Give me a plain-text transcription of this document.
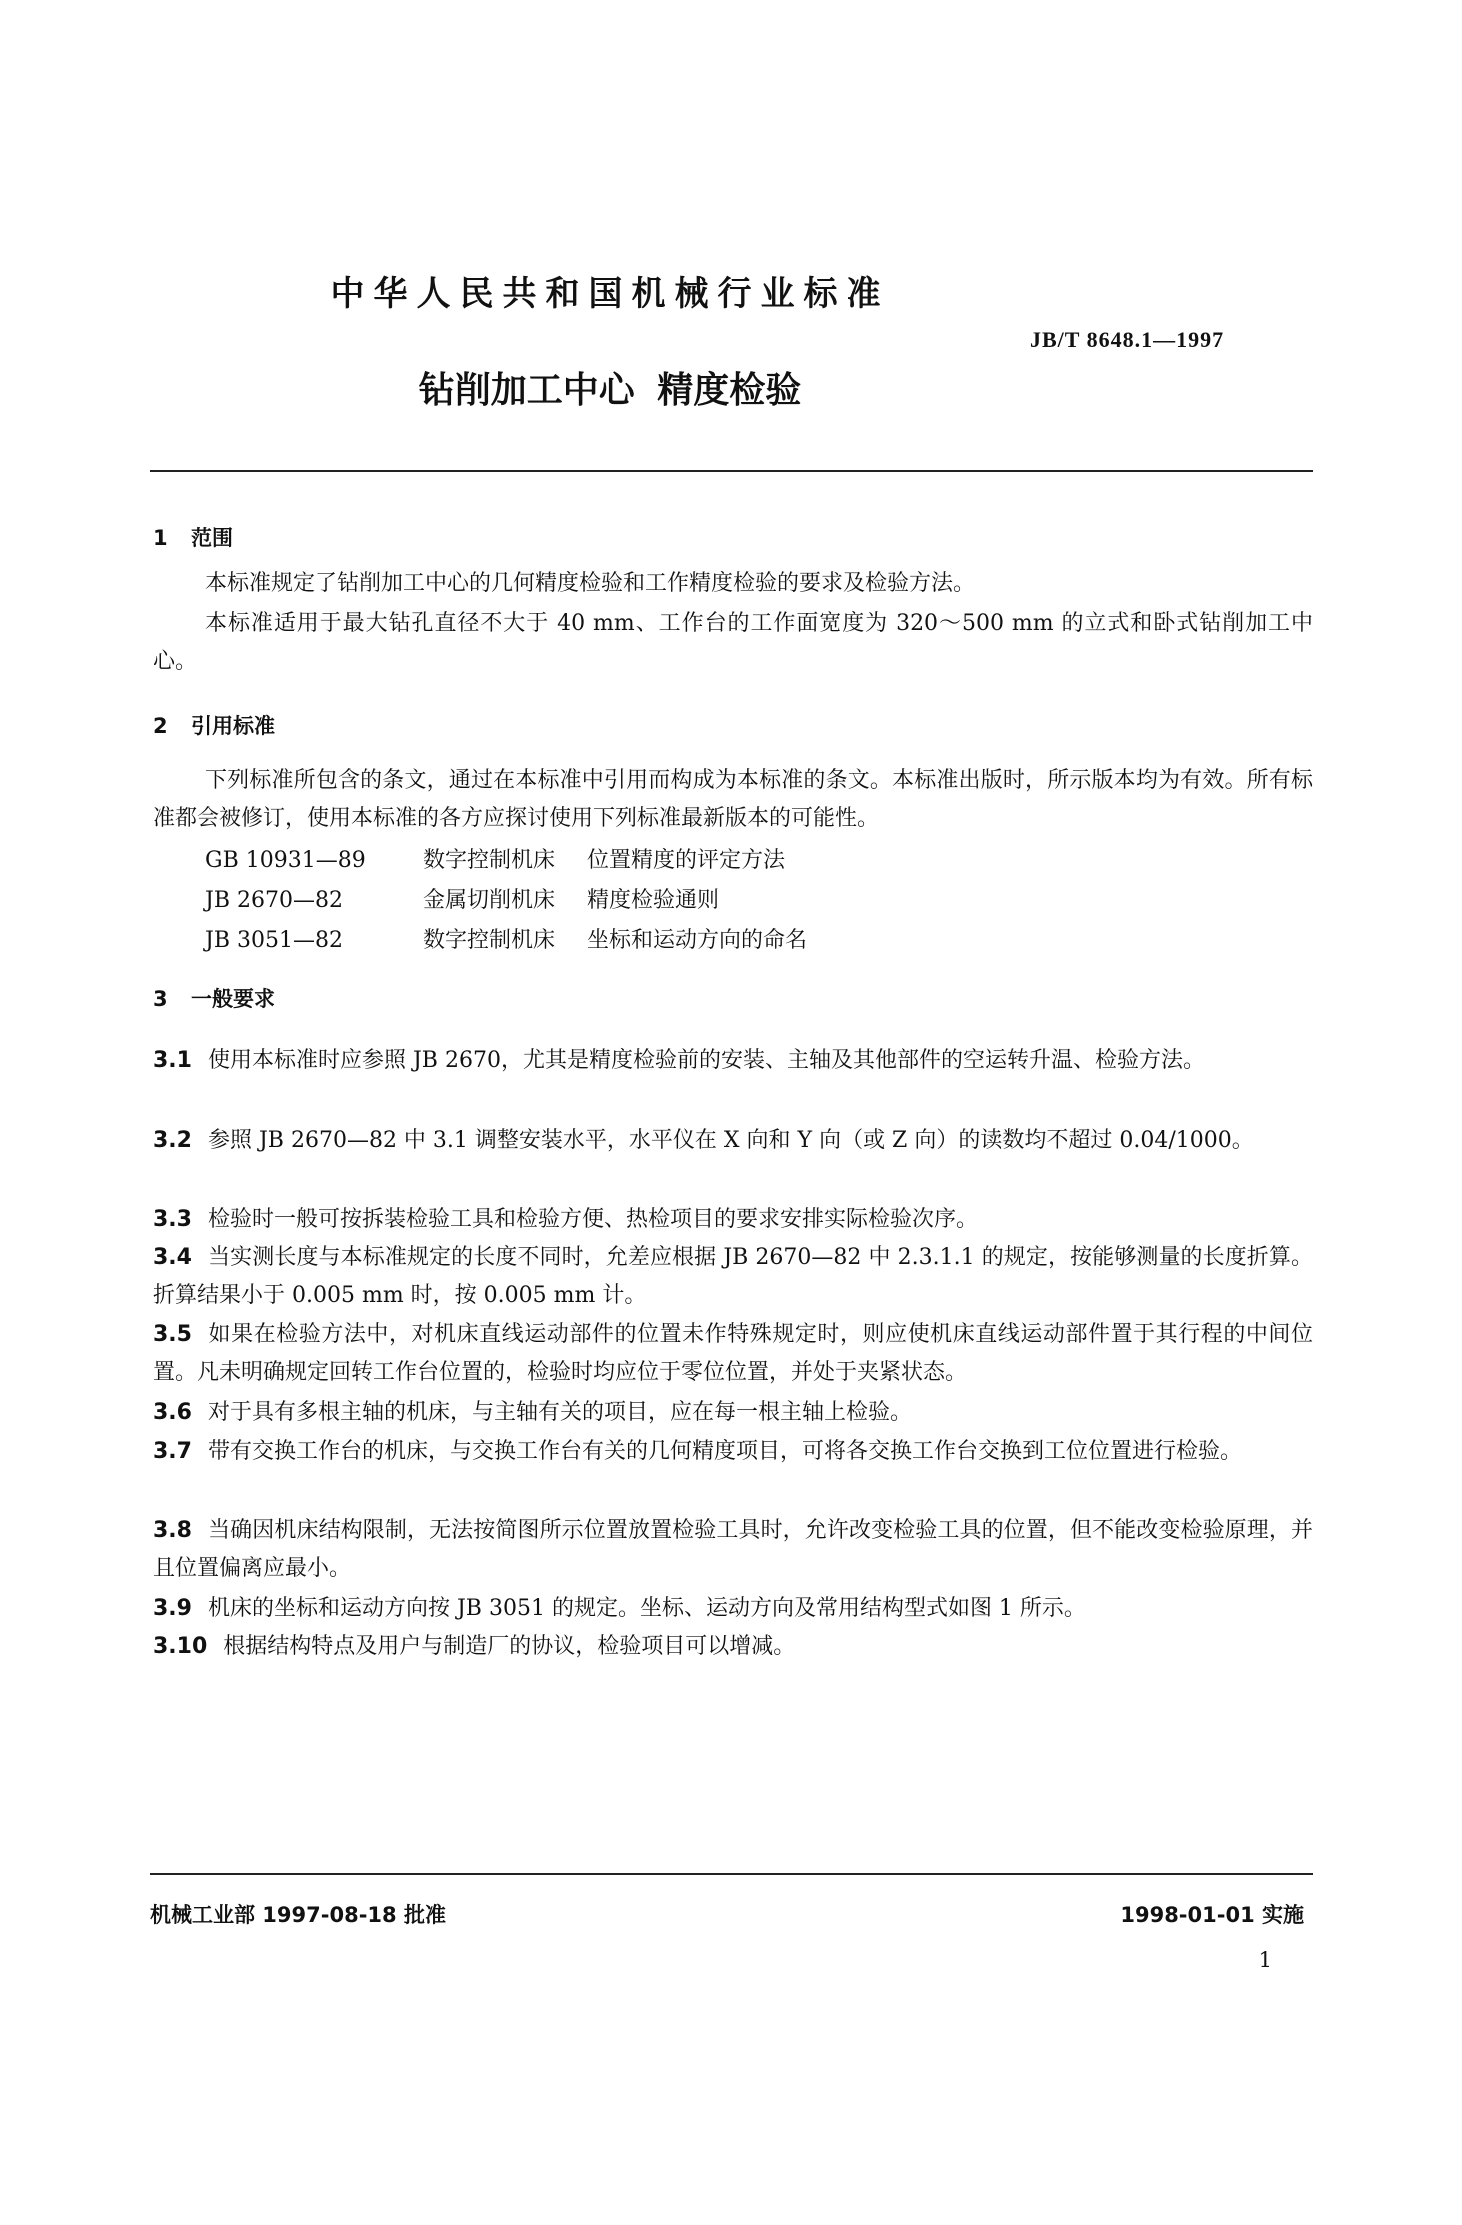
中华人民共和国机械行业标准
JB/T 8648.1—1997
钻削加工中心 精度检验
1 范围
本标准规定了钻削加工中心的几何精度检验和工作精度检验的要求及检验方法。
本标准适用于最大钻孔直径不大于 40 mm、工作台的工作面宽度为 320～500 mm 的立式和卧式钻削加工中心。
2 引用标准
下列标准所包含的条文，通过在本标准中引用而构成为本标准的条文。本标准出版时，所示版本均为有效。所有标准都会被修订，使用本标准的各方应探讨使用下列标准最新版本的可能性。
GB 10931—89	数字控制机床 位置精度的评定方法
JB 2670—82	金属切削机床 精度检验通则
JB 3051—82	数字控制机床 坐标和运动方向的命名
3 一般要求
3.1 使用本标准时应参照 JB 2670，尤其是精度检验前的安装、主轴及其他部件的空运转升温、检验方法。
3.2 参照 JB 2670—82 中 3.1 调整安装水平，水平仪在 X 向和 Y 向（或 Z 向）的读数均不超过 0.04/1000。
3.3 检验时一般可按拆装检验工具和检验方便、热检项目的要求安排实际检验次序。
3.4 当实测长度与本标准规定的长度不同时，允差应根据 JB 2670—82 中 2.3.1.1 的规定，按能够测量的长度折算。折算结果小于 0.005 mm 时，按 0.005 mm 计。
3.5 如果在检验方法中，对机床直线运动部件的位置未作特殊规定时，则应使机床直线运动部件置于其行程的中间位置。凡未明确规定回转工作台位置的，检验时均应位于零位位置，并处于夹紧状态。
3.6 对于具有多根主轴的机床，与主轴有关的项目，应在每一根主轴上检验。
3.7 带有交换工作台的机床，与交换工作台有关的几何精度项目，可将各交换工作台交换到工位位置进行检验。
3.8 当确因机床结构限制，无法按简图所示位置放置检验工具时，允许改变检验工具的位置，但不能改变检验原理，并且位置偏离应最小。
3.9 机床的坐标和运动方向按 JB 3051 的规定。坐标、运动方向及常用结构型式如图 1 所示。
3.10 根据结构特点及用户与制造厂的协议，检验项目可以增减。
机械工业部 1997-08-18 批准	1998-01-01 实施
1
